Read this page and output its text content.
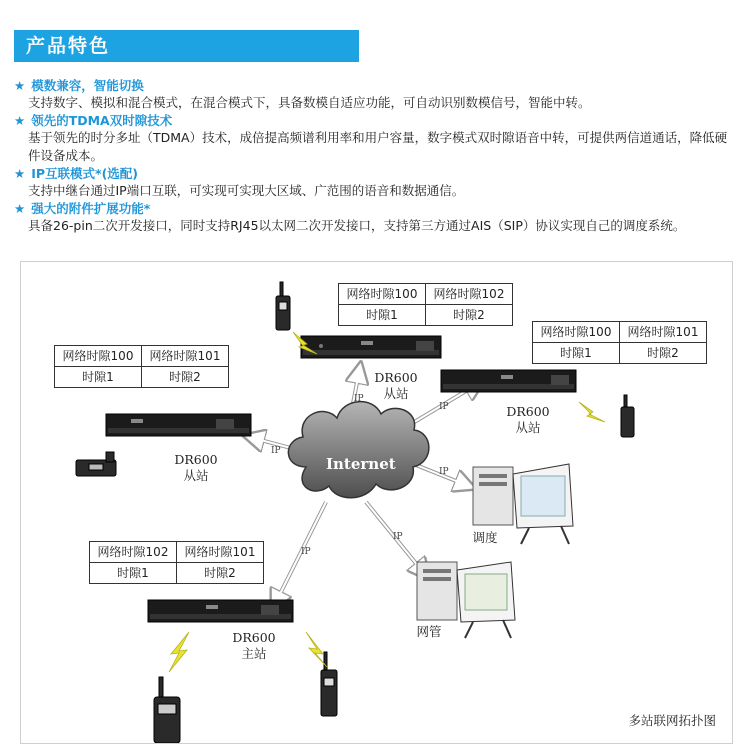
产品特色
★ 模数兼容，智能切换
支持数字、模拟和混合模式，在混合模式下，具备数模自适应功能，可自动识别数模信号，智能中转。
★ 领先的TDMA双时隙技术
基于领先的时分多址（TDMA）技术，成倍提高频谱利用率和用户容量，数字模式双时隙语音中转，可提供两信道通话，降低硬件设备成本。
★ IP互联模式*(选配)
支持中继台通过IP端口互联，可实现可实现大区域、广范围的语音和数据通信。
★ 强大的附件扩展功能*
具备26-pin二次开发接口，同时支持RJ45以太网二次开发接口，支持第三方通过AIS（SIP）协议实现自己的调度系统。
Internet
IP
IP
IP
IP
IP
IP
网络时隙100	网络时隙102
时隙1	时隙2
网络时隙100	网络时隙101
时隙1	时隙2
网络时隙100	网络时隙101
时隙1	时隙2
网络时隙102	网络时隙101
时隙1	时隙2
DR600
从站
DR600
从站
DR600
从站
DR600
主站
调度
网管
多站联网拓扑图
